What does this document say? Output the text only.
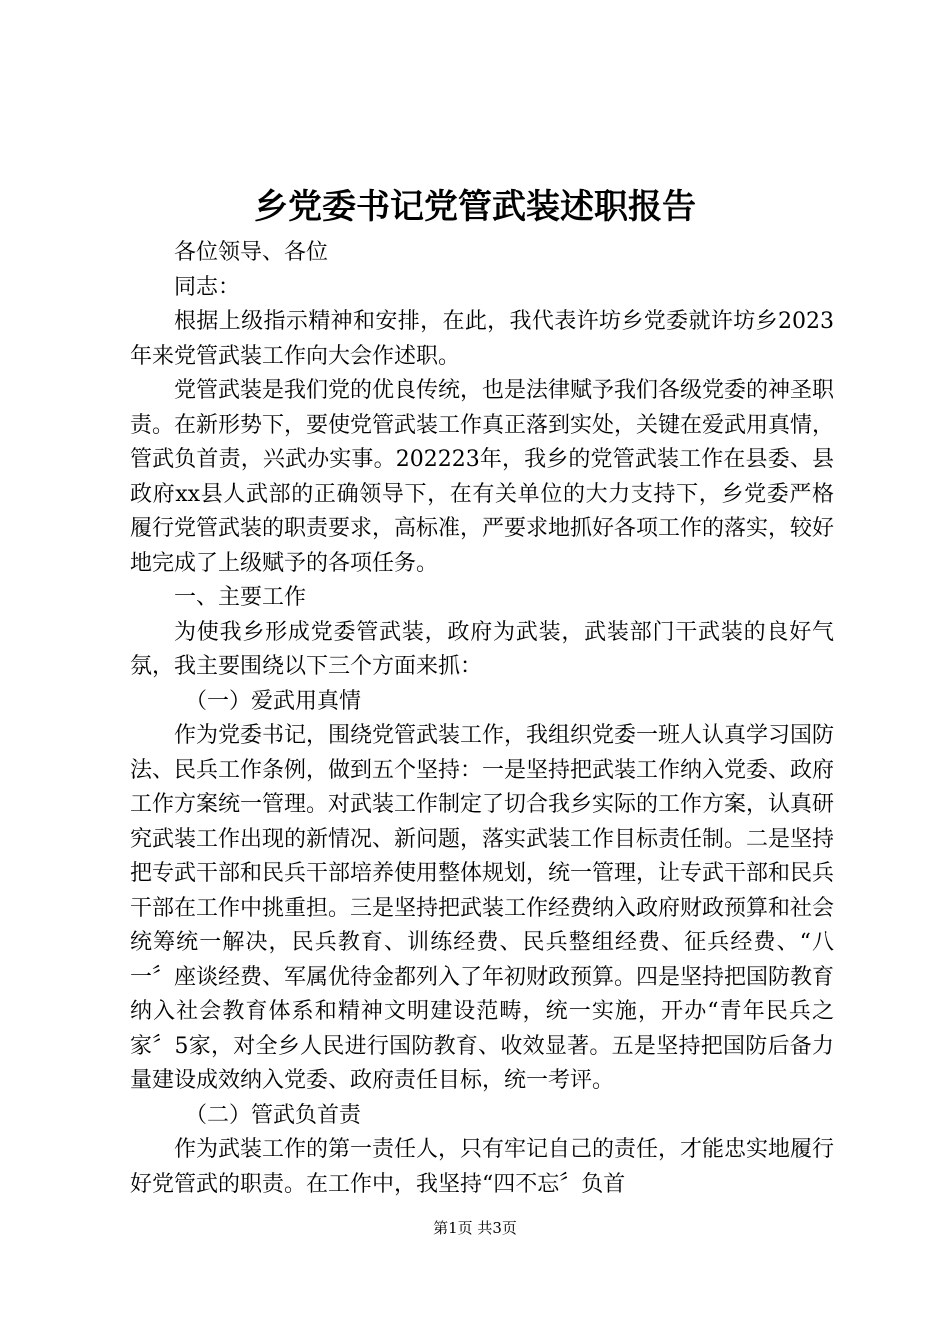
乡党委书记党管武装述职报告

各位领导、各位

同志：

根据上级指示精神和安排，在此，我代表许坊乡党委就许坊乡2023年来党管武装工作向大会作述职。

党管武装是我们党的优良传统，也是法律赋予我们各级党委的神圣职责。在新形势下，要使党管武装工作真正落到实处，关键在爱武用真情，管武负首责，兴武办实事。202223年，我乡的党管武装工作在县委、县政府xx县人武部的正确领导下，在有关单位的大力支持下，乡党委严格履行党管武装的职责要求，高标准，严要求地抓好各项工作的落实，较好地完成了上级赋予的各项任务。

一、主要工作

为使我乡形成党委管武装，政府为武装，武装部门干武装的良好气氛，我主要围绕以下三个方面来抓：

（一）爱武用真情

作为党委书记，围绕党管武装工作，我组织党委一班人认真学习国防法、民兵工作条例，做到五个坚持：一是坚持把武装工作纳入党委、政府工作方案统一管理。对武装工作制定了切合我乡实际的工作方案，认真研究武装工作出现的新情况、新问题，落实武装工作目标责任制。二是坚持把专武干部和民兵干部培养使用整体规划，统一管理，让专武干部和民兵干部在工作中挑重担。三是坚持把武装工作经费纳入政府财政预算和社会统筹统一解决，民兵教育、训练经费、民兵整组经费、征兵经费、“八一〞座谈经费、军属优待金都列入了年初财政预算。四是坚持把国防教育纳入社会教育体系和精神文明建设范畴，统一实施，开办“青年民兵之家〞5家，对全乡人民进行国防教育、收效显著。五是坚持把国防后备力量建设成效纳入党委、政府责任目标，统一考评。

（二）管武负首责

作为武装工作的第一责任人，只有牢记自己的责任，才能忠实地履行好党管武的职责。在工作中，我坚持“四不忘〞负首

第1页 共3页
